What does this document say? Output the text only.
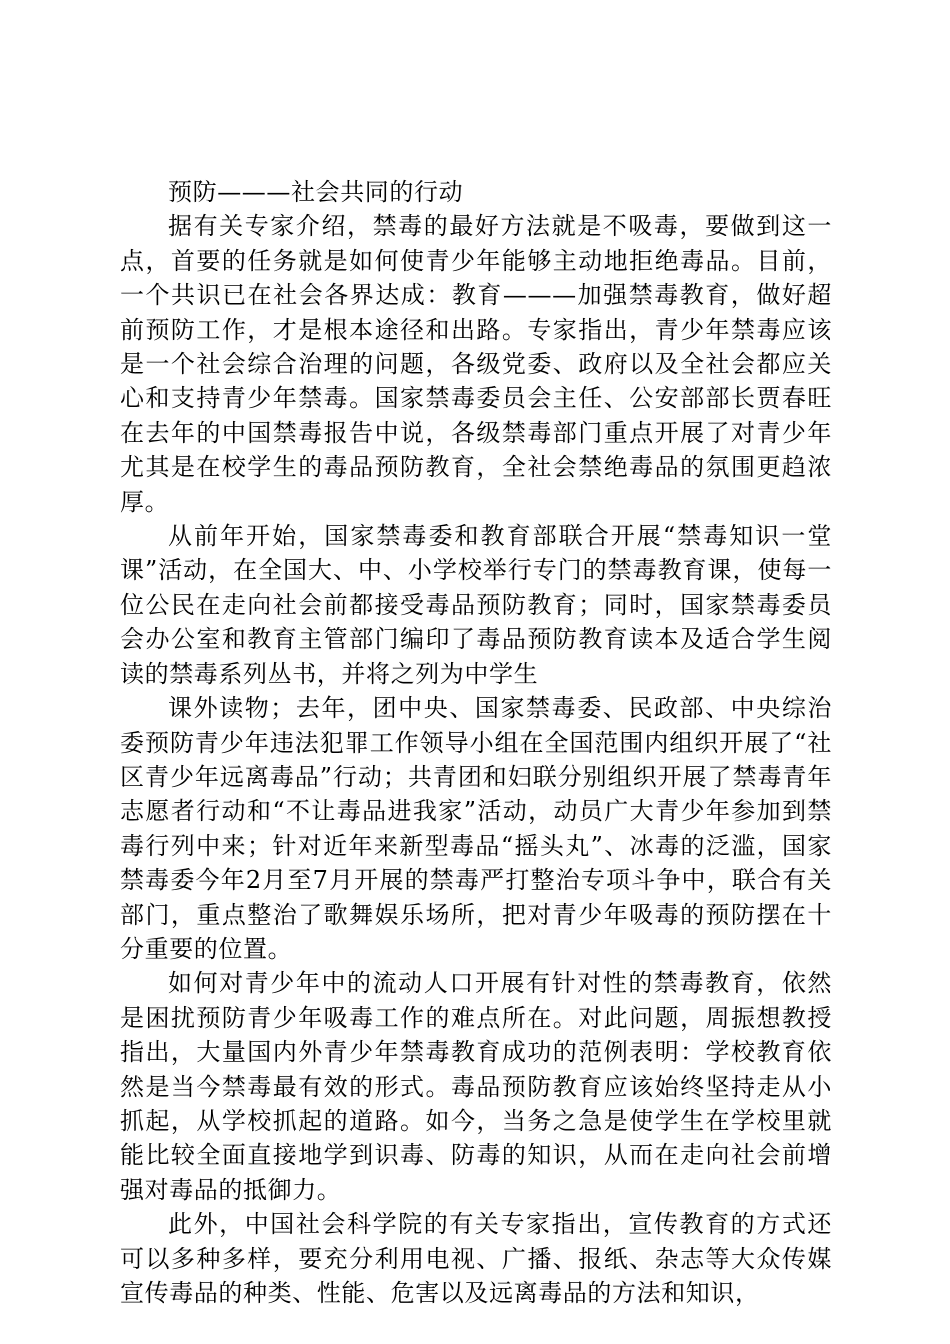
预防———社会共同的行动

据有关专家介绍，禁毒的最好方法就是不吸毒，要做到这一点，首要的任务就是如何使青少年能够主动地拒绝毒品。目前，一个共识已在社会各界达成：教育———加强禁毒教育，做好超前预防工作，才是根本途径和出路。专家指出，青少年禁毒应该是一个社会综合治理的问题，各级党委、政府以及全社会都应关心和支持青少年禁毒。国家禁毒委员会主任、公安部部长贾春旺在去年的中国禁毒报告中说，各级禁毒部门重点开展了对青少年尤其是在校学生的毒品预防教育，全社会禁绝毒品的氛围更趋浓厚。

从前年开始，国家禁毒委和教育部联合开展“禁毒知识一堂课”活动，在全国大、中、小学校举行专门的禁毒教育课，使每一位公民在走向社会前都接受毒品预防教育；同时，国家禁毒委员会办公室和教育主管部门编印了毒品预防教育读本及适合学生阅读的禁毒系列丛书，并将之列为中学生

课外读物；去年，团中央、国家禁毒委、民政部、中央综治委预防青少年违法犯罪工作领导小组在全国范围内组织开展了“社区青少年远离毒品”行动；共青团和妇联分别组织开展了禁毒青年志愿者行动和“不让毒品进我家”活动，动员广大青少年参加到禁毒行列中来；针对近年来新型毒品“摇头丸”、冰毒的泛滥，国家禁毒委今年2月至7月开展的禁毒严打整治专项斗争中，联合有关部门，重点整治了歌舞娱乐场所，把对青少年吸毒的预防摆在十分重要的位置。

如何对青少年中的流动人口开展有针对性的禁毒教育，依然是困扰预防青少年吸毒工作的难点所在。对此问题，周振想教授指出，大量国内外青少年禁毒教育成功的范例表明：学校教育依然是当今禁毒最有效的形式。毒品预防教育应该始终坚持走从小抓起，从学校抓起的道路。如今，当务之急是使学生在学校里就能比较全面直接地学到识毒、防毒的知识，从而在走向社会前增强对毒品的抵御力。

此外，中国社会科学院的有关专家指出，宣传教育的方式还可以多种多样，要充分利用电视、广播、报纸、杂志等大众传媒宣传毒品的种类、性能、危害以及远离毒品的方法和知识，
